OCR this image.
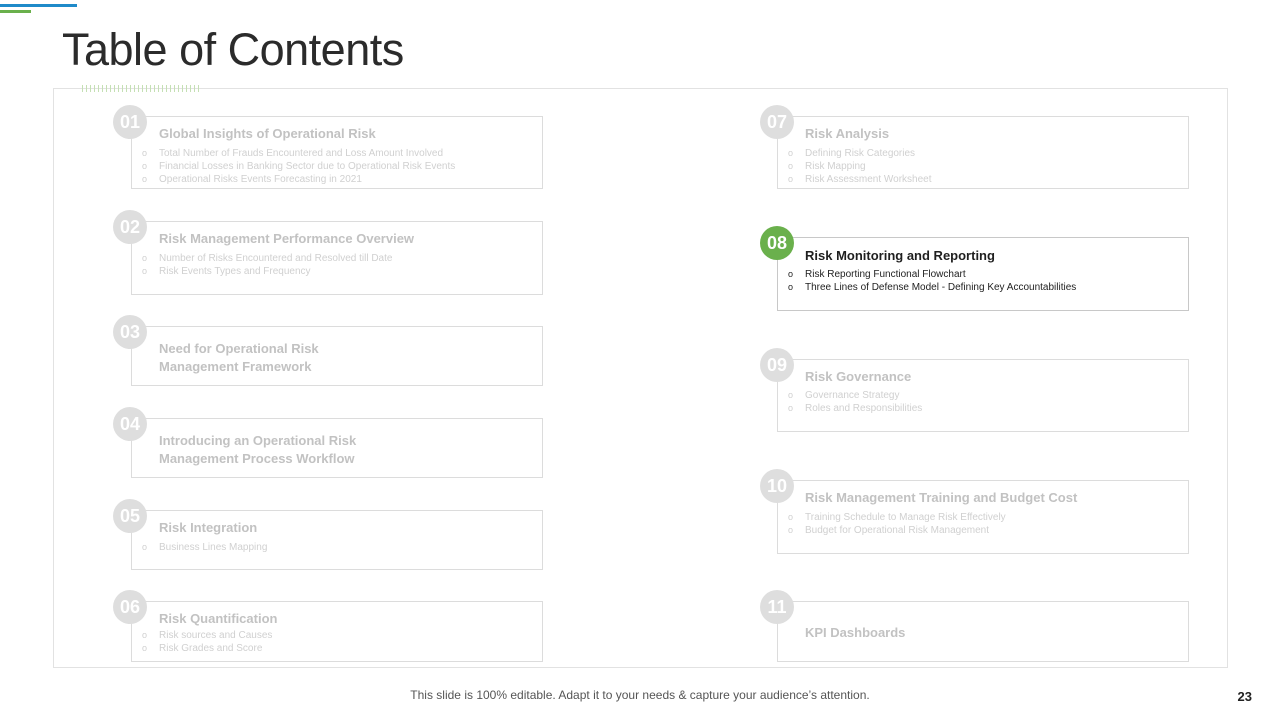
Table of Contents
Global Insights of Operational Risk
o Total Number of Frauds Encountered and Loss Amount Involved
o Financial Losses in Banking Sector due to Operational Risk Events
o Operational Risks Events Forecasting in 2021
01
Risk Management Performance Overview
o Number of Risks Encountered and Resolved till Date
o Risk Events Types and Frequency
02
Need for Operational Risk
Management Framework
03
Introducing an Operational Risk
Management Process Workflow
04
Risk Integration
o Business Lines Mapping
05
Risk Quantification
o Risk sources and Causes
o Risk Grades and Score
06
Risk Analysis
o Defining Risk Categories
o Risk Mapping
o Risk Assessment Worksheet
07
Risk Monitoring and Reporting
o Risk Reporting Functional Flowchart
o Three Lines of Defense Model - Defining Key Accountabilities
08
Risk Governance
o Governance Strategy
o Roles and Responsibilities
09
Risk Management Training and Budget Cost
o Training Schedule to Manage Risk Effectively
o Budget for Operational Risk Management
10
KPI Dashboards
11
This slide is 100% editable. Adapt it to your needs & capture your audience’s attention.	23
